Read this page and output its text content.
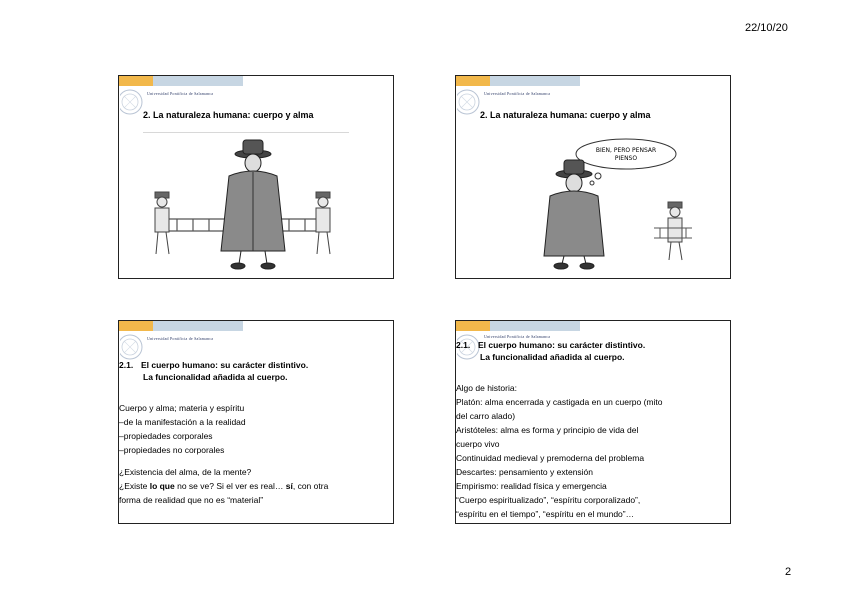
22/10/20
Universidad Pontificia de Salamanca
2. La naturaleza humana: cuerpo y alma
Universidad Pontificia de Salamanca
2. La naturaleza humana: cuerpo y alma
BIEN, PERO PENSAR
PIENSO
Universidad Pontificia de Salamanca
2.1. El cuerpo humano: su carácter distintivo.
La funcionalidad añadida al cuerpo.
Cuerpo y alma; materia y espíritu
–de la manifestación a la realidad
–propiedades corporales
–propiedades no corporales
¿Existencia del alma, de la mente?
¿Existe lo que no se ve? Si el ver es real… sí, con otra
forma de realidad que no es “material”
Universidad Pontificia de Salamanca
2.1. El cuerpo humano: su carácter distintivo.
La funcionalidad añadida al cuerpo.
Algo de historia:
Platón: alma encerrada y castigada en un cuerpo (mito
del carro alado)
Aristóteles: alma es forma y principio de vida del
cuerpo vivo
Continuidad medieval y premoderna del problema
Descartes: pensamiento y extensión
Empirismo: realidad física y emergencia
“Cuerpo espiritualizado”, “espíritu corporalizado”,
“espíritu en el tiempo”, “espíritu en el mundo”…
2
